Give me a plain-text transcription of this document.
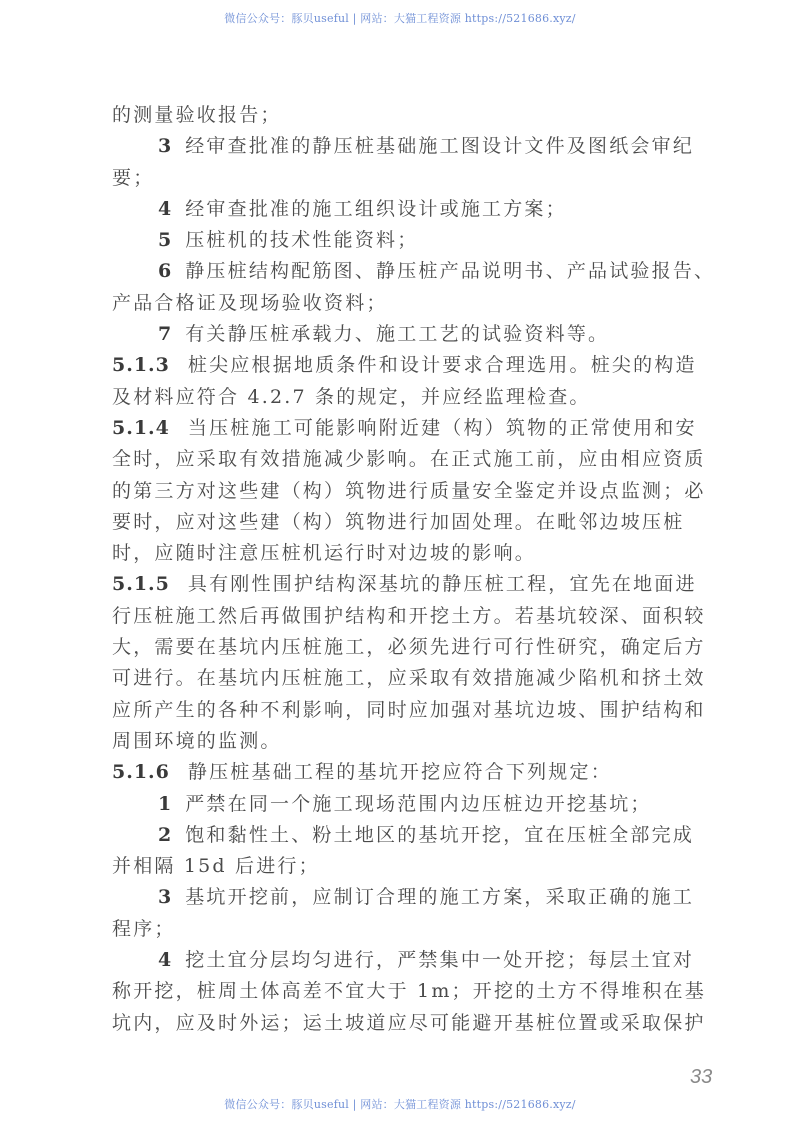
微信公众号：豚贝useful | 网站：大猫工程资源 https://521686.xyz/
的测量验收报告；
3 经审查批准的静压桩基础施工图设计文件及图纸会审纪
要；
4 经审查批准的施工组织设计或施工方案；
5 压桩机的技术性能资料；
6 静压桩结构配筋图、静压桩产品说明书、产品试验报告、
产品合格证及现场验收资料；
7 有关静压桩承载力、施工工艺的试验资料等。
5.1.3 桩尖应根据地质条件和设计要求合理选用。桩尖的构造
及材料应符合 4.2.7 条的规定，并应经监理检查。
5.1.4 当压桩施工可能影响附近建（构）筑物的正常使用和安
全时，应采取有效措施减少影响。在正式施工前，应由相应资质
的第三方对这些建（构）筑物进行质量安全鉴定并设点监测；必
要时，应对这些建（构）筑物进行加固处理。在毗邻边坡压桩
时，应随时注意压桩机运行时对边坡的影响。
5.1.5 具有刚性围护结构深基坑的静压桩工程，宜先在地面进
行压桩施工然后再做围护结构和开挖土方。若基坑较深、面积较
大，需要在基坑内压桩施工，必须先进行可行性研究，确定后方
可进行。在基坑内压桩施工，应采取有效措施减少陷机和挤土效
应所产生的各种不利影响，同时应加强对基坑边坡、围护结构和
周围环境的监测。
5.1.6 静压桩基础工程的基坑开挖应符合下列规定：
1 严禁在同一个施工现场范围内边压桩边开挖基坑；
2 饱和黏性土、粉土地区的基坑开挖，宜在压桩全部完成
并相隔 15d 后进行；
3 基坑开挖前，应制订合理的施工方案，采取正确的施工
程序；
4 挖土宜分层均匀进行，严禁集中一处开挖；每层土宜对
称开挖，桩周土体高差不宜大于 1m；开挖的土方不得堆积在基
坑内，应及时外运；运土坡道应尽可能避开基桩位置或采取保护
33
微信公众号：豚贝useful | 网站：大猫工程资源 https://521686.xyz/
